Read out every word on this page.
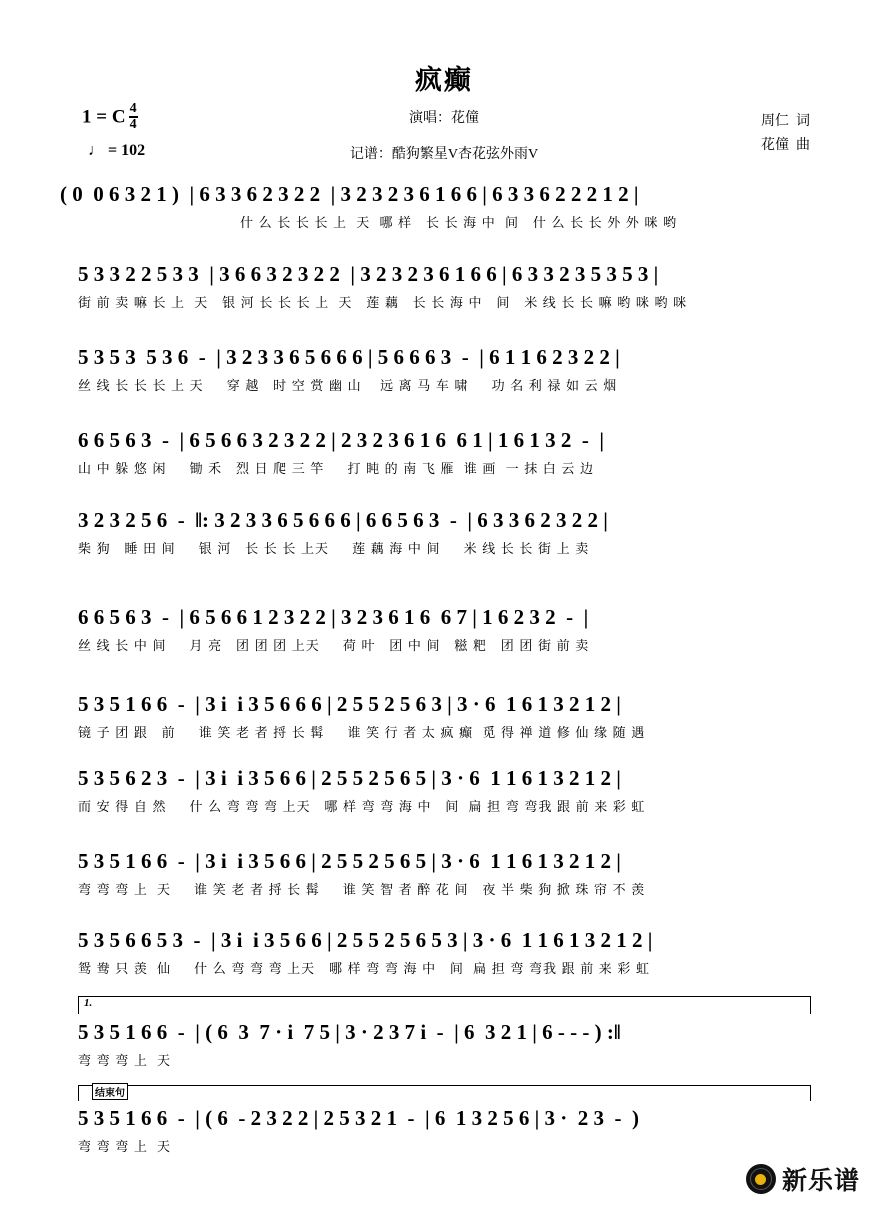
疯癫
演唱：花僮
记谱：酷狗繁星V杏花弦外雨V
1 = C $\frac{4}{4}$
♩ = 102
周仁  词
花僮  曲
( 0  0 6 3 2 1 )  | 6 3 3 6 2 3 2 2  | 3 2 3 2 3 6 1 6 6 | 6 3 3 6 2 2 2 1 2 |
什 么 长 长 长 上  天  哪 样   长 长 海 中  间   什 么 长 长 外 外 咪 哟
5 3 3 2 2 5 3 3  | 3 6 6 3 2 3 2 2  | 3 2 3 2 3 6 1 6 6 | 6 3 3 2 3 5 3 5 3 |
街 前 卖 嘛 长 上  天   银 河 长 长 长 上  天   莲 藕   长 长 海 中   间   米 线 长 长 嘛 哟 咪 哟 咪
5 3 5 3  5 3 6  -  | 3 2 3 3 6 5 6 6 6 | 5 6 6 6 3  -  | 6 1 1 6 2 3 2 2 |
丝 线 长 长 长 上 天     穿 越   时 空 赏 幽 山    远 离 马 车 啸     功 名 利 禄 如 云 烟
6 6 5 6 3  -  | 6 5 6 6 3 2 3 2 2 | 2 3 2 3 6 1 6  6 1 | 1 6 1 3 2  -  |
山 中 躲 悠 闲     锄 禾   烈 日 爬 三 竿     打 盹 的 南 飞 雁  谁 画  一 抹 白 云 边
3 2 3 2 5 6  -  ‖: 3 2 3 3 6 5 6 6 6 | 6 6 5 6 3  -  | 6 3 3 6 2 3 2 2 |
柴 狗   睡 田 间     银 河   长 长 长 上天     莲 藕 海 中 间     米 线 长 长 街 上 卖
6 6 5 6 3  -  | 6 5 6 6 1 2 3 2 2 | 3 2 3 6 1 6  6 7 | 1 6 2 3 2  -  |
丝 线 长 中 间     月 亮   团 团 团 上天     荷 叶   团 中 间   糍 粑   团 团 街 前 卖
5 3 5 1 6 6  -  | 3 i  i 3 5 6 6 6 | 2 5 5 2 5 6 3 | 3 · 6  1 6 1 3 2 1 2 |
镜 子 团 跟   前     谁 笑 老 者 捋 长 髯     谁 笑 行 者 太 疯 癫  觅 得 禅 道 修 仙 缘 随 遇
5 3 5 6 2 3  -  | 3 i  i 3 5 6 6 | 2 5 5 2 5 6 5 | 3 · 6  1 1 6 1 3 2 1 2 |
而 安 得 自 然     什 么 弯 弯 弯 上天   哪 样 弯 弯 海 中   间  扁 担 弯 弯我 跟 前 来 彩 虹
5 3 5 1 6 6  -  | 3 i  i 3 5 6 6 | 2 5 5 2 5 6 5 | 3 · 6  1 1 6 1 3 2 1 2 |
弯 弯 弯 上  天     谁 笑 老 者 捋 长 髯     谁 笑 智 者 醉 花 间   夜 半 柴 狗 掀 珠 帘 不 羡
5 3 5 6 6 5 3  -  | 3 i  i 3 5 6 6 | 2 5 5 2 5 6 5 3 | 3 · 6  1 1 6 1 3 2 1 2 |
鸳 鸯 只 羡  仙     什 么 弯 弯 弯 上天   哪 样 弯 弯 海 中   间  扁 担 弯 弯我 跟 前 来 彩 虹
1.
5 3 5 1 6 6  -  | ( 6  3  7 · i  7 5 | 3 · 2 3 7 i  -  | 6  3 2 1 | 6 - - - ) :‖
弯 弯 弯 上  天
结束句
5 3 5 1 6 6  -  | ( 6  - 2 3 2 2 | 2 5 3 2 1  -  | 6  1 3 2 5 6 | 3 ·  2 3  -  )
弯 弯 弯 上  天
新乐谱
